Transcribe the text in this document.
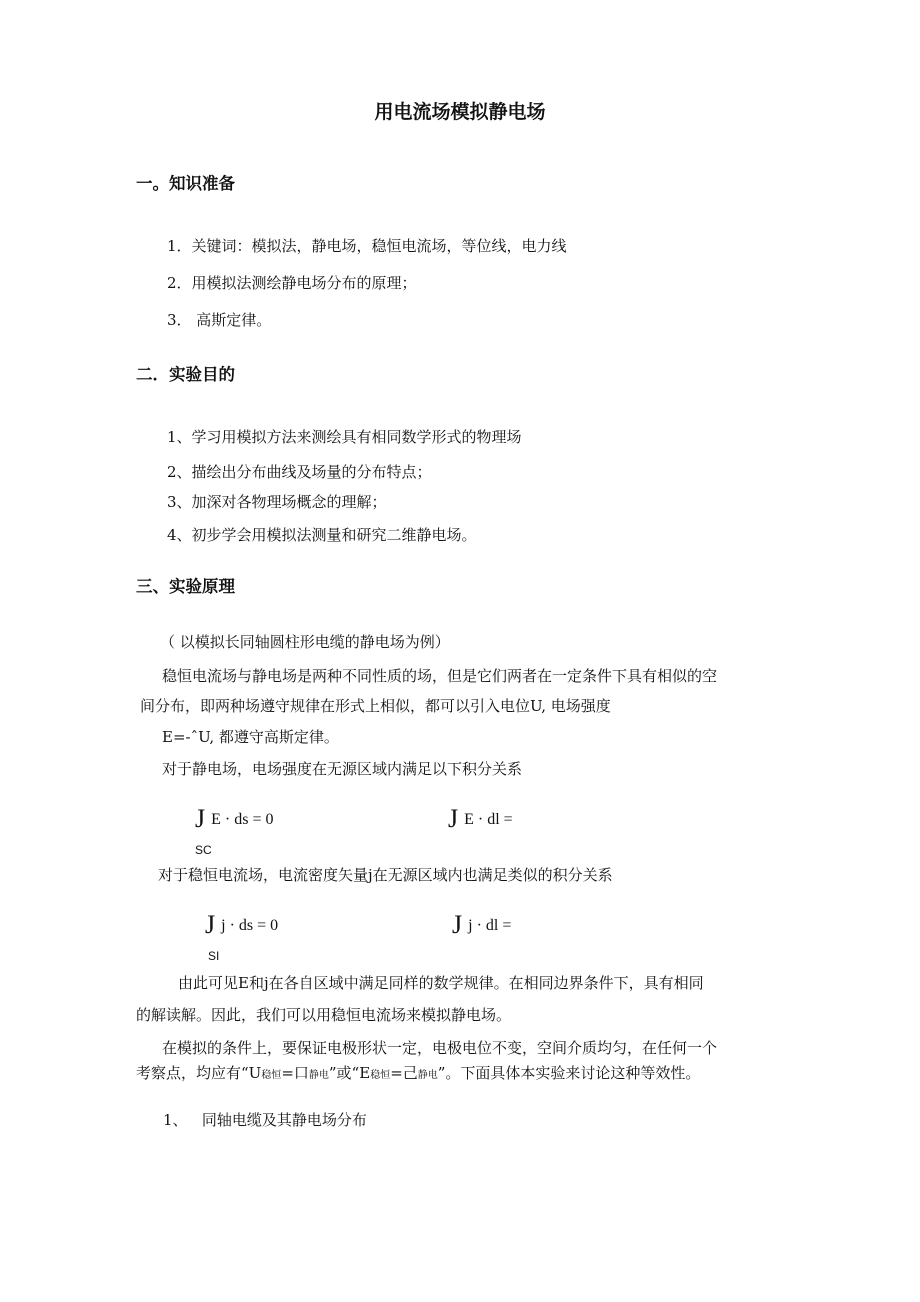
用电流场模拟静电场
一。知识准备
1．关键词：模拟法，静电场，稳恒电流场，等位线，电力线
2．用模拟法测绘静电场分布的原理；
3． 高斯定律。
二．实验目的
1、学习用模拟方法来测绘具有相同数学形式的物理场
2、描绘出分布曲线及场量的分布特点；
3、加深对各物理场概念的理解；
4、初步学会用模拟法测量和研究二维静电场。
三、实验原理
（ 以模拟长同轴圆柱形电缆的静电场为例）
稳恒电流场与静电场是两种不同性质的场，但是它们两者在一定条件下具有相似的空
间分布，即两种场遵守规律在形式上相似，都可以引入电位U, 电场强度
E=-ˆU, 都遵守高斯定律。
对于静电场，电场强度在无源区域内满足以下积分关系
J E · ds = 0	J E · dl =
SC
对于稳恒电流场，电流密度矢量j在无源区域内也满足类似的积分关系
Jj · ds = 0	Jj · dl =
SI
由此可见E和j在各自区域中满足同样的数学规律。在相同边界条件下，具有相同
的解读解。因此，我们可以用稳恒电流场来模拟静电场。
在模拟的条件上，要保证电极形状一定，电极电位不变，空间介质均匀，在任何一个
考察点，均应有“U稳恒=口静电”或“E稳恒=己静电”。下面具体本实验来讨论这种等效性。
1、   同轴电缆及其静电场分布
